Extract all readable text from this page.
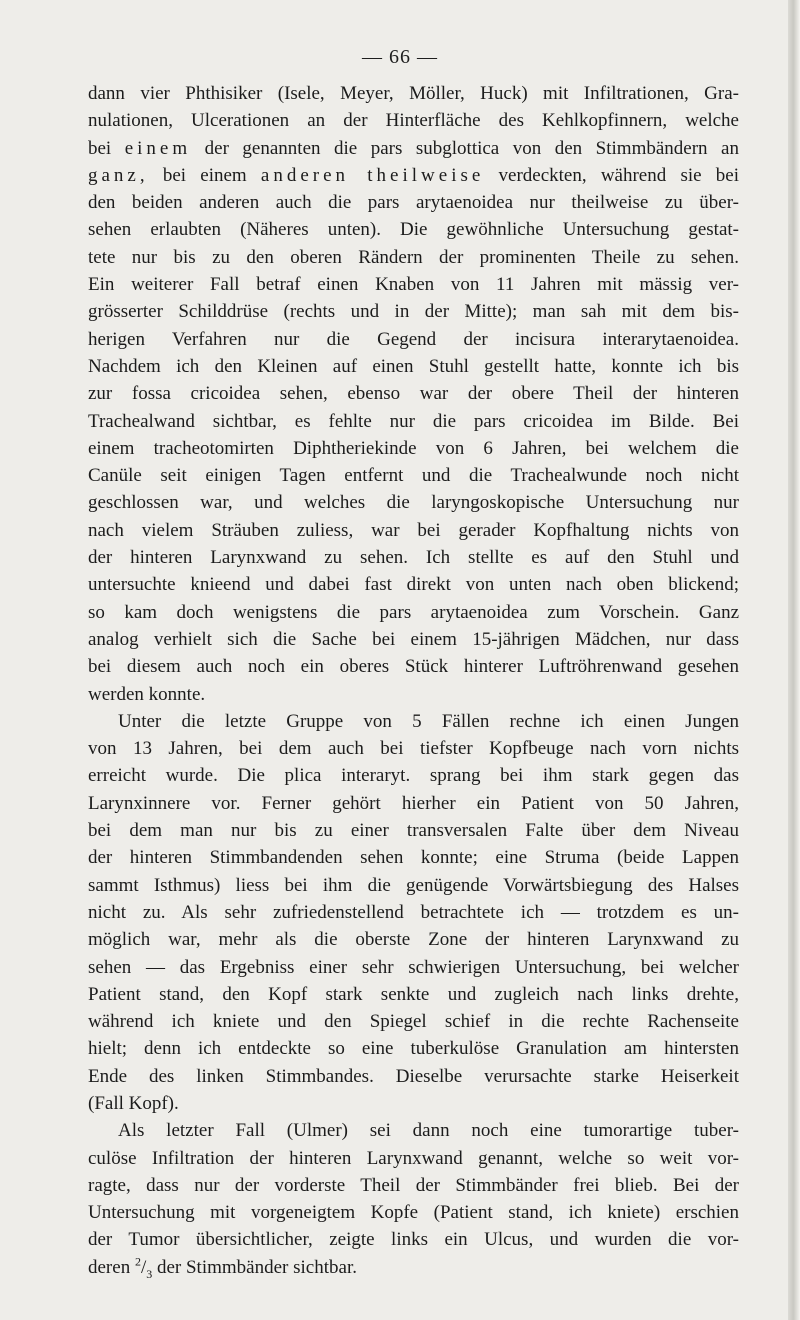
— 66 —

dann vier Phthisiker (Isele, Meyer, Möller, Huck) mit Infiltrationen, Gra-

nulationen, Ulcerationen an der Hinterfläche des Kehlkopfinnern, welche

bei einem der genannten die pars subglottica von den Stimmbändern an

ganz, bei einem anderen theilweise verdeckten, während sie bei

den beiden anderen auch die pars arytaenoidea nur theilweise zu über-

sehen erlaubten (Näheres unten). Die gewöhnliche Untersuchung gestat-

tete nur bis zu den oberen Rändern der prominenten Theile zu sehen.

Ein weiterer Fall betraf einen Knaben von 11 Jahren mit mässig ver-

grösserter Schilddrüse (rechts und in der Mitte); man sah mit dem bis-

herigen Verfahren nur die Gegend der incisura interarytaenoidea.

Nachdem ich den Kleinen auf einen Stuhl gestellt hatte, konnte ich bis

zur fossa cricoidea sehen, ebenso war der obere Theil der hinteren

Trachealwand sichtbar, es fehlte nur die pars cricoidea im Bilde. Bei

einem tracheotomirten Diphtheriekinde von 6 Jahren, bei welchem die

Canüle seit einigen Tagen entfernt und die Trachealwunde noch nicht

geschlossen war, und welches die laryngoskopische Untersuchung nur

nach vielem Sträuben zuliess, war bei gerader Kopfhaltung nichts von

der hinteren Larynxwand zu sehen. Ich stellte es auf den Stuhl und

untersuchte knieend und dabei fast direkt von unten nach oben blickend;

so kam doch wenigstens die pars arytaenoidea zum Vorschein. Ganz

analog verhielt sich die Sache bei einem 15-jährigen Mädchen, nur dass

bei diesem auch noch ein oberes Stück hinterer Luftröhrenwand gesehen

werden konnte.

Unter die letzte Gruppe von 5 Fällen rechne ich einen Jungen

von 13 Jahren, bei dem auch bei tiefster Kopfbeuge nach vorn nichts

erreicht wurde. Die plica interaryt. sprang bei ihm stark gegen das

Larynxinnere vor. Ferner gehört hierher ein Patient von 50 Jahren,

bei dem man nur bis zu einer transversalen Falte über dem Niveau

der hinteren Stimmbandenden sehen konnte; eine Struma (beide Lappen

sammt Isthmus) liess bei ihm die genügende Vorwärtsbiegung des Halses

nicht zu. Als sehr zufriedenstellend betrachtete ich — trotzdem es un-

möglich war, mehr als die oberste Zone der hinteren Larynxwand zu

sehen — das Ergebniss einer sehr schwierigen Untersuchung, bei welcher

Patient stand, den Kopf stark senkte und zugleich nach links drehte,

während ich kniete und den Spiegel schief in die rechte Rachenseite

hielt; denn ich entdeckte so eine tuberkulöse Granulation am hintersten

Ende des linken Stimmbandes. Dieselbe verursachte starke Heiserkeit

(Fall Kopf).

Als letzter Fall (Ulmer) sei dann noch eine tumorartige tuber-

culöse Infiltration der hinteren Larynxwand genannt, welche so weit vor-

ragte, dass nur der vorderste Theil der Stimmbänder frei blieb. Bei der

Untersuchung mit vorgeneigtem Kopfe (Patient stand, ich kniete) erschien

der Tumor übersichtlicher, zeigte links ein Ulcus, und wurden die vor-

deren $^2/_3$ der Stimmbänder sichtbar.
